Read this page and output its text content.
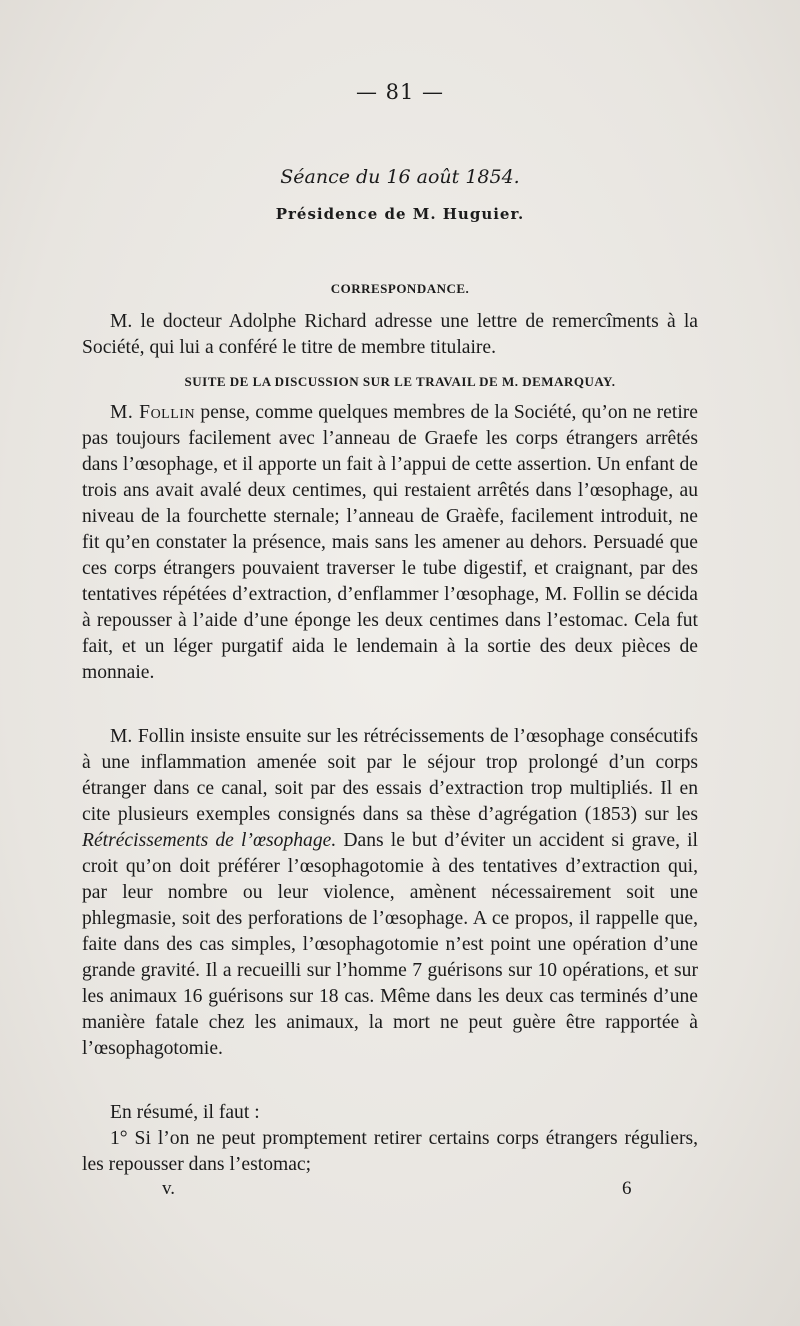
— 81 —
Séance du 16 août 1854.
Présidence de M. Huguier.
CORRESPONDANCE.
M. le docteur Adolphe Richard adresse une lettre de remercîments à la Société, qui lui a conféré le titre de membre titulaire.
SUITE DE LA DISCUSSION SUR LE TRAVAIL DE M. DEMARQUAY.
M. Follin pense, comme quelques membres de la Société, qu’on ne retire pas toujours facilement avec l’anneau de Graefe les corps étrangers arrêtés dans l’œsophage, et il apporte un fait à l’appui de cette assertion. Un enfant de trois ans avait avalé deux centimes, qui restaient arrêtés dans l’œsophage, au niveau de la fourchette sternale; l’anneau de Graèfe, facilement introduit, ne fit qu’en constater la présence, mais sans les amener au dehors. Persuadé que ces corps étrangers pouvaient traverser le tube digestif, et craignant, par des tentatives répétées d’extraction, d’enflammer l’œsophage, M. Follin se décida à repousser à l’aide d’une éponge les deux centimes dans l’estomac. Cela fut fait, et un léger purgatif aida le lendemain à la sortie des deux pièces de monnaie.
M. Follin insiste ensuite sur les rétrécissements de l’œsophage consécutifs à une inflammation amenée soit par le séjour trop prolongé d’un corps étranger dans ce canal, soit par des essais d’extraction trop multipliés. Il en cite plusieurs exemples consignés dans sa thèse d’agrégation (1853) sur les Rétrécissements de l’œsophage. Dans le but d’éviter un accident si grave, il croit qu’on doit préférer l’œsophagotomie à des tentatives d’extraction qui, par leur nombre ou leur violence, amènent nécessairement soit une phlegmasie, soit des perforations de l’œsophage. A ce propos, il rappelle que, faite dans des cas simples, l’œsophagotomie n’est point une opération d’une grande gravité. Il a recueilli sur l’homme 7 guérisons sur 10 opérations, et sur les animaux 16 guérisons sur 18 cas. Même dans les deux cas terminés d’une manière fatale chez les animaux, la mort ne peut guère être rapportée à l’œsophagotomie.
En résumé, il faut :
1° Si l’on ne peut promptement retirer certains corps étrangers réguliers, les repousser dans l’estomac;
v.	6
